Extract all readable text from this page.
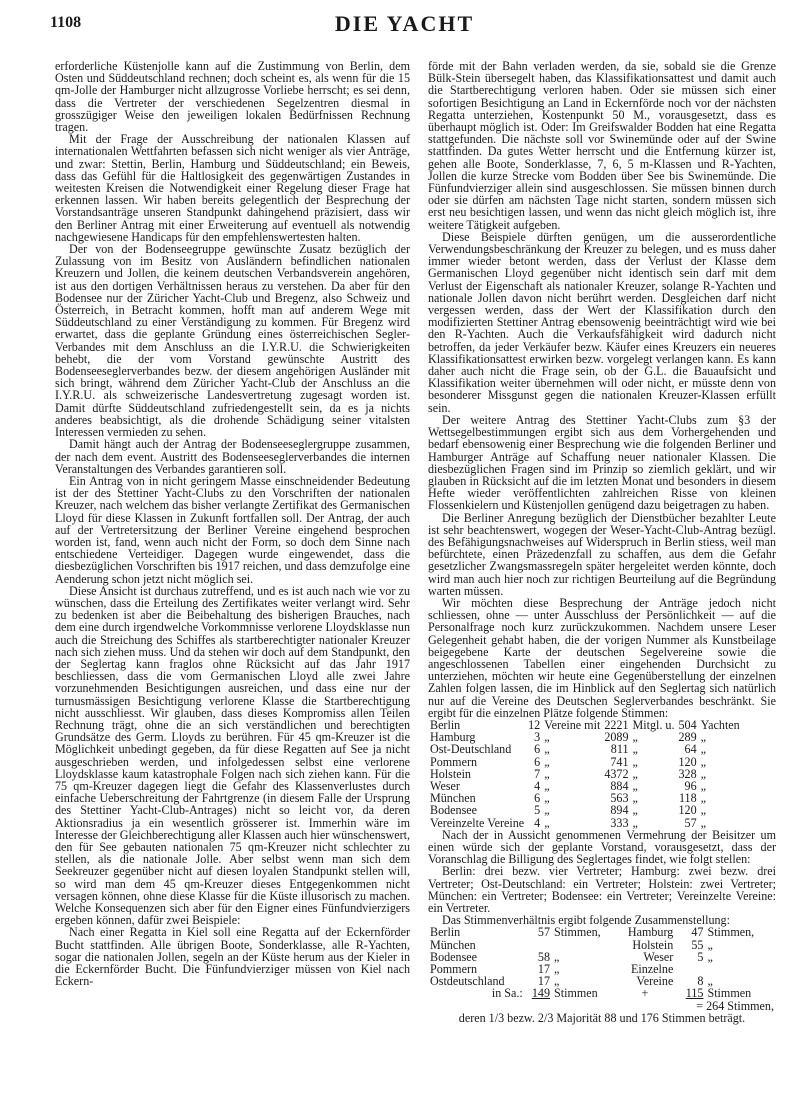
1108	DIE YACHT

erforderliche Küstenjolle kann auf die Zustimmung von Berlin, dem Osten und Süddeutschland rechnen; doch scheint es, als wenn für die 15 qm-Jolle der Hamburger nicht allzugrosse Vorliebe herrscht; es sei denn, dass die Vertreter der verschiedenen Segelzentren diesmal in grosszügiger Weise den jeweiligen lokalen Bedürfnissen Rechnung tragen.

Mit der Frage der Ausschreibung der nationalen Klassen auf internationalen Wettfahrten befassen sich nicht weniger als vier Anträge, und zwar: Stettin, Berlin, Hamburg und Süddeutschland; ein Beweis, dass das Gefühl für die Haltlosigkeit des gegenwärtigen Zustandes in weitesten Kreisen die Notwendigkeit einer Regelung dieser Frage hat erkennen lassen. Wir haben bereits gelegentlich der Besprechung der Vorstandsanträge unseren Standpunkt dahingehend präzisiert, dass wir den Berliner Antrag mit einer Erweiterung auf eventuell als notwendig nachgewiesene Handicaps für den empfehlenswertesten halten.

Der von der Bodenseegruppe gewünschte Zusatz bezüglich der Zulassung von im Besitz von Ausländern befindlichen nationalen Kreuzern und Jollen, die keinem deutschen Verbandsverein angehören, ist aus den dortigen Verhältnissen heraus zu verstehen. Da aber für den Bodensee nur der Züricher Yacht-Club und Bregenz, also Schweiz und Österreich, in Betracht kommen, hofft man auf anderem Wege mit Süddeutschland zu einer Verständigung zu kommen. Für Bregenz wird erwartet, dass die geplante Gründung eines österreichischen Segler-Verbandes mit dem Anschluss an die I.Y.R.U. die Schwierigkeiten behebt, die der vom Vorstand gewünschte Austritt des Bodenseeseglerverbandes bezw. der diesem angehörigen Ausländer mit sich bringt, während dem Züricher Yacht-Club der Anschluss an die I.Y.R.U. als schweizerische Landesvertretung zugesagt worden ist. Damit dürfte Süddeutschland zufriedengestellt sein, da es ja nichts anderes beabsichtigt, als die drohende Schädigung seiner vitalsten Interessen vermieden zu sehen.

Damit hängt auch der Antrag der Bodenseeseglergruppe zusammen, der nach dem event. Austritt des Bodenseeseglerverbandes die internen Veranstaltungen des Verbandes garantieren soll.

Ein Antrag von in nicht geringem Masse einschneidender Bedeutung ist der des Stettiner Yacht-Clubs zu den Vorschriften der nationalen Kreuzer, nach welchem das bisher verlangte Zertifikat des Germanischen Lloyd für diese Klassen in Zukunft fortfallen soll. Der Antrag, der auch auf der Vertretersitzung der Berliner Vereine eingehend besprochen worden ist, fand, wenn auch nicht der Form, so doch dem Sinne nach entschiedene Verteidiger. Dagegen wurde eingewendet, dass die diesbezüglichen Vorschriften bis 1917 reichen, und dass demzufolge eine Aenderung schon jetzt nicht möglich sei.

Diese Ansicht ist durchaus zutreffend, und es ist auch nach wie vor zu wünschen, dass die Erteilung des Zertifikates weiter verlangt wird. Sehr zu bedenken ist aber die Beibehaltung des bisherigen Brauches, nach dem eine durch irgendwelche Vorkommnisse verlorene Lloydsklasse nun auch die Streichung des Schiffes als startberechtigter nationaler Kreuzer nach sich ziehen muss. Und da stehen wir doch auf dem Standpunkt, den der Seglertag kann fraglos ohne Rücksicht auf das Jahr 1917 beschliessen, dass die vom Germanischen Lloyd alle zwei Jahre vorzunehmenden Besichtigungen ausreichen, und dass eine nur der turnusmässigen Besichtigung verlorene Klasse die Startberechtigung nicht ausschliesst. Wir glauben, dass dieses Kompromiss allen Teilen Rechnung trägt, ohne die an sich verständlichen und berechtigten Grundsätze des Germ. Lloyds zu berühren. Für 45 qm-Kreuzer ist die Möglichkeit unbedingt gegeben, da für diese Regatten auf See ja nicht ausgeschrieben werden, und infolgedessen selbst eine verlorene Lloydsklasse kaum katastrophale Folgen nach sich ziehen kann. Für die 75 qm-Kreuzer dagegen liegt die Gefahr des Klassenverlustes durch einfache Ueberschreitung der Fahrtgrenze (in diesem Falle der Ursprung des Stettiner Yacht-Club-Antrages) nicht so leicht vor, da deren Aktionsradius ja ein wesentlich grösserer ist. Immerhin wäre im Interesse der Gleichberechtigung aller Klassen auch hier wünschenswert, den für See gebauten nationalen 75 qm-Kreuzer nicht schlechter zu stellen, als die nationale Jolle. Aber selbst wenn man sich dem Seekreuzer gegenüber nicht auf diesen loyalen Standpunkt stellen will, so wird man dem 45 qm-Kreuzer dieses Entgegenkommen nicht versagen können, ohne diese Klasse für die Küste illusorisch zu machen. Welche Konsequenzen sich aber für den Eigner eines Fünfundvierzigers ergeben können, dafür zwei Beispiele:

Nach einer Regatta in Kiel soll eine Regatta auf der Eckernförder Bucht stattfinden. Alle übrigen Boote, Sonderklasse, alle R-Yachten, sogar die nationalen Jollen, segeln an der Küste herum aus der Kieler in die Eckernförder Bucht. Die Fünfundvierziger müssen von Kiel nach Eckern-

förde mit der Bahn verladen werden, da sie, sobald sie die Grenze Bülk-Stein übersegelt haben, das Klassifikationsattest und damit auch die Startberechtigung verloren haben. Oder sie müssen sich einer sofortigen Besichtigung an Land in Eckernförde noch vor der nächsten Regatta unterziehen, Kostenpunkt 50 M., vorausgesetzt, dass es überhaupt möglich ist. Oder: Im Greifswalder Bodden hat eine Regatta stattgefunden. Die nächste soll vor Swinemünde oder auf der Swine stattfinden. Da gutes Wetter herrscht und die Entfernung kürzer ist, gehen alle Boote, Sonderklasse, 7, 6, 5 m-Klassen und R-Yachten, Jollen die kurze Strecke vom Bodden über See bis Swinemünde. Die Fünfundvierziger allein sind ausgeschlossen. Sie müssen binnen durch oder sie dürfen am nächsten Tage nicht starten, sondern müssen sich erst neu besichtigen lassen, und wenn das nicht gleich möglich ist, ihre weitere Tätigkeit aufgeben.

Diese Beispiele dürften genügen, um die ausserordentliche Verwendungsbeschränkung der Kreuzer zu belegen, und es muss daher immer wieder betont werden, dass der Verlust der Klasse dem Germanischen Lloyd gegenüber nicht identisch sein darf mit dem Verlust der Eigenschaft als nationaler Kreuzer, solange R-Yachten und nationale Jollen davon nicht berührt werden. Desgleichen darf nicht vergessen werden, dass der Wert der Klassifikation durch den modifizierten Stettiner Antrag ebensowenig beeinträchtigt wird wie bei den R-Yachten. Auch die Verkaufsfähigkeit wird dadurch nicht betroffen, da jeder Verkäufer bezw. Käufer eines Kreuzers ein neueres Klassifikationsattest erwirken bezw. vorgelegt verlangen kann. Es kann daher auch nicht die Frage sein, ob der G.L. die Bauaufsicht und Klassifikation weiter übernehmen will oder nicht, er müsste denn von besonderer Missgunst gegen die nationalen Kreuzer-Klassen erfüllt sein.

Der weitere Antrag des Stettiner Yacht-Clubs zum §3 der Wettsegelbestimmungen ergibt sich aus dem Vorhergehenden und bedarf ebensowenig einer Besprechung wie die folgenden Berliner und Hamburger Anträge auf Schaffung neuer nationaler Klassen. Die diesbezüglichen Fragen sind im Prinzip so ziemlich geklärt, und wir glauben in Rücksicht auf die im letzten Monat und besonders in diesem Hefte wieder veröffentlichten zahlreichen Risse von kleinen Flossenkielern und Küstenjollen genügend dazu beigetragen zu haben.

Die Berliner Anregung bezüglich der Dienstbücher bezahlter Leute ist sehr beachtenswert, wogegen der Weser-Yacht-Club-Antrag bezügl. des Befähigungsnachweises auf Widerspruch in Berlin stiess, weil man befürchtete, einen Präzedenzfall zu schaffen, aus dem die Gefahr gesetzlicher Zwangsmassregeln später hergeleitet werden könnte, doch wird man auch hier noch zur richtigen Beurteilung auf die Begründung warten müssen.

Wir möchten diese Besprechung der Anträge jedoch nicht schliessen, ohne — unter Ausschluss der Persönlichkeit — auf die Personalfrage noch kurz zurückzukommen. Nachdem unsere Leser Gelegenheit gehabt haben, die der vorigen Nummer als Kunstbeilage beigegebene Karte der deutschen Segelvereine sowie die angeschlossenen Tabellen einer eingehenden Durchsicht zu unterziehen, möchten wir heute eine Gegenüberstellung der einzelnen Zahlen folgen lassen, die im Hinblick auf den Seglertag sich natürlich nur auf die Vereine des Deutschen Seglerverbandes beschränkt. Sie ergibt für die einzelnen Plätze folgende Stimmen:

Berlin	12	Vereine mit	2221	Mitgl. u.	504	Yachten
Hamburg	3	„	2089	„	289	„
Ost-Deutschland	6	„	811	„	64	„
Pommern	6	„	741	„	120	„
Holstein	7	„	4372	„	328	„
Weser	4	„	884	„	96	„
München	6	„	563	„	118	„
Bodensee	5	„	894	„	120	„
Vereinzelte Vereine	4	„	333	„	57	„

Nach der in Aussicht genommenen Vermehrung der Beisitzer um einen würde sich der geplante Vorstand, vorausgesetzt, dass der Voranschlag die Billigung des Seglertages findet, wie folgt stellen:

Berlin: drei bezw. vier Vertreter; Hamburg: zwei bezw. drei Vertreter; Ost-Deutschland: ein Vertreter; Holstein: zwei Vertreter; München: ein Vertreter; Bodensee: ein Vertreter; Vereinzelte Vereine: ein Vertreter.

Das Stimmenverhältnis ergibt folgende Zusammenstellung:

Berlin	57	Stimmen,	Hamburg	47	Stimmen,
München			Holstein	55	„
Bodensee	58	„	Weser	5	„
Pommern	17	„	Einzelne		
Ostdeutschland	17	„	Vereine	8	„
in Sa.:	149	Stimmen	+	115	Stimmen
				= 264 Stimmen,	

deren 1/3 bezw. 2/3 Majorität 88 und 176 Stimmen beträgt.
